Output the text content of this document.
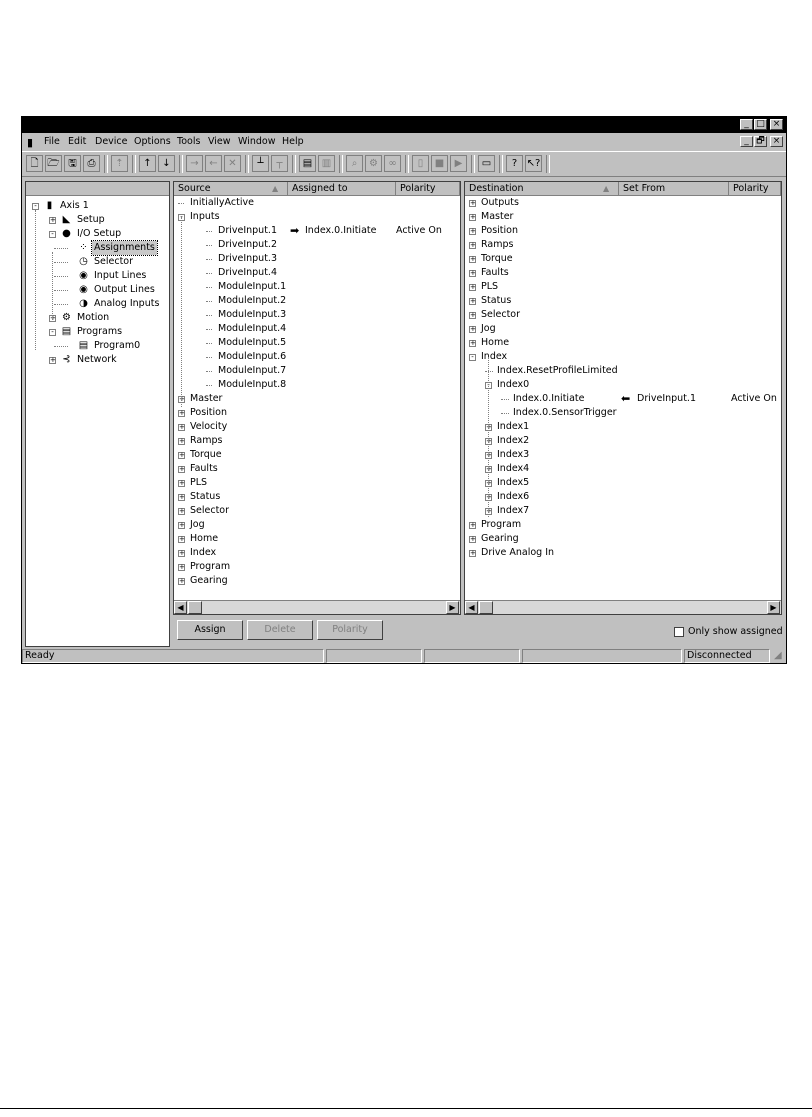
_ □ ×
▮ File Edit Device Options Tools View Window Help	_ 🗗 ×
🗋 🗁 🖫	⎙	⇡	↑	↓	→	←	✕	┴	┬	▤ ▥	⌕	⚙	∞	▯	■	▶	▭	? ↖?
- ▮ Axis 1
+ ◣ Setup
- ● I/O Setup
⁘ Assignments
◷ Selector
◉ Input Lines
◉ Output Lines
◑ Analog Inputs
+ ⚙ Motion
- ▤ Programs
▤ Program0
+ ⊰ Network
Source	▲	Assigned to	Polarity
◀	▶
InitiallyActive
- Inputs
DriveInput.1 ➡ Index.0.Initiate Active On
DriveInput.2
DriveInput.3
DriveInput.4
ModuleInput.1
ModuleInput.2
ModuleInput.3
ModuleInput.4
ModuleInput.5
ModuleInput.6
ModuleInput.7
ModuleInput.8
+ Master
+ Position
+ Velocity
+ Ramps
+ Torque
+ Faults
+ PLS
+ Status
+ Selector
+ Jog
+ Home
+ Index
+ Program
+ Gearing
Destination	▲	Set From	Polarity
◀	▶
+ Outputs
+ Master
+ Position
+ Ramps
+ Torque
+ Faults
+ PLS
+ Status
+ Selector
+ Jog
+ Home
- Index
Index.ResetProfileLimited
- Index0
Index.0.Initiate	⬅ DriveInput.1	Active On
Index.0.SensorTrigger
+ Index1
+ Index2
+ Index3
+ Index4
+ Index5
+ Index6
+ Index7
+ Program
+ Gearing
+ Drive Analog In
Assign	Delete	Polarity	Only show assigned
Ready	Disconnected	◢
